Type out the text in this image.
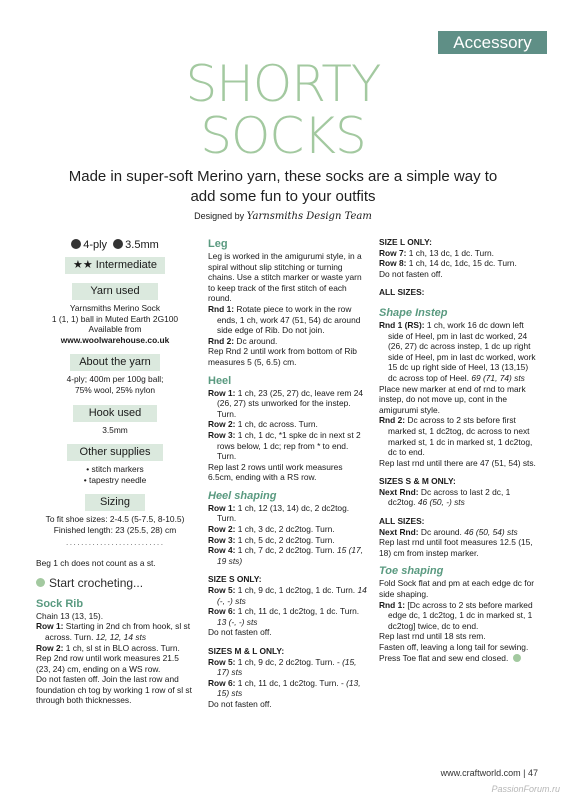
Accessory
SHORTY
SOCKS
Made in super-soft Merino yarn, these socks are a simple way to add some fun to your outfits
Designed by Yarnsmiths Design Team
4-ply 3.5mm
★★ Intermediate
Yarn used
Yarnsmiths Merino Sock
1 (1, 1) ball in Muted Earth 2G100
Available from
www.woolwarehouse.co.uk
About the yarn
4-ply; 400m per 100g ball;
75% wool, 25% nylon
Hook used
3.5mm
Other supplies
• stitch markers
• tapestry needle
Sizing
To fit shoe sizes: 2-4.5 (5-7.5, 8-10.5)
Finished length: 23 (25.5, 28) cm
··························
Beg 1 ch does not count as a st.
Start crocheting...
Sock Rib
Chain 13 (13, 15).
Row 1: Starting in 2nd ch from hook, sl st across. Turn. 12, 12, 14 sts
Row 2: 1 ch, sl st in BLO across. Turn.
Rep 2nd row until work measures 21.5 (23, 24) cm, ending on a WS row.
Do not fasten off. Join the last row and foundation ch tog by working 1 row of sl st through both thicknesses.
Leg
Leg is worked in the amigurumi style, in a spiral without slip stitching or turning chains. Use a stitch marker or waste yarn to keep track of the first stitch of each round.
Rnd 1: Rotate piece to work in the row ends, 1 ch, work 47 (51, 54) dc around side edge of Rib. Do not join.
Rnd 2: Dc around.
Rep Rnd 2 until work from bottom of Rib measures 5 (5, 6.5) cm.
Heel
Row 1: 1 ch, 23 (25, 27) dc, leave rem 24 (26, 27) sts unworked for the instep. Turn.
Row 2: 1 ch, dc across. Turn.
Row 3: 1 ch, 1 dc, *1 spke dc in next st 2 rows below, 1 dc; rep from * to end. Turn.
Rep last 2 rows until work measures 6.5cm, ending with a RS row.
Heel shaping
Row 1: 1 ch, 12 (13, 14) dc, 2 dc2tog. Turn.
Row 2: 1 ch, 3 dc, 2 dc2tog. Turn.
Row 3: 1 ch, 5 dc, 2 dc2tog. Turn.
Row 4: 1 ch, 7 dc, 2 dc2tog. Turn. 15 (17, 19 sts)
SIZE S ONLY:
Row 5: 1 ch, 9 dc, 1 dc2tog, 1 dc. Turn. 14 (-, -) sts
Row 6: 1 ch, 11 dc, 1 dc2tog, 1 dc. Turn. 13 (-, -) sts
Do not fasten off.
SIZES M & L ONLY:
Row 5: 1 ch, 9 dc, 2 dc2tog. Turn. - (15, 17) sts
Row 6: 1 ch, 11 dc, 1 dc2tog. Turn. - (13, 15) sts
Do not fasten off.
SIZE L ONLY:
Row 7: 1 ch, 13 dc, 1 dc. Turn.
Row 8: 1 ch, 14 dc, 1dc, 15 dc. Turn.
Do not fasten off.
ALL SIZES:
Shape Instep
Rnd 1 (RS): 1 ch, work 16 dc down left side of Heel, pm in last dc worked, 24 (26, 27) dc across instep, 1 dc up right side of Heel, pm in last dc worked, work 15 dc up right side of Heel, 13 (13,15) dc across top of Heel. 69 (71, 74) sts
Place new marker at end of rnd to mark instep, do not move up, cont in the amigurumi style.
Rnd 2: Dc across to 2 sts before first marked st, 1 dc2tog, dc across to next marked st, 1 dc in marked st, 1 dc2tog, dc to end.
Rep last rnd until there are 47 (51, 54) sts.
SIZES S & M ONLY:
Next Rnd: Dc across to last 2 dc, 1 dc2tog. 46 (50, -) sts
ALL SIZES:
Next Rnd: Dc around. 46 (50, 54) sts
Rep last rnd until foot measures 12.5 (15, 18) cm from instep marker.
Toe shaping
Fold Sock flat and pm at each edge dc for side shaping.
Rnd 1: [Dc across to 2 sts before marked edge dc, 1 dc2tog, 1 dc in marked st, 1 dc2tog] twice, dc to end.
Rep last rnd until 18 sts rem.
Fasten off, leaving a long tail for sewing.
Press Toe flat and sew end closed.
www.craftworld.com | 47
PassionForum.ru
